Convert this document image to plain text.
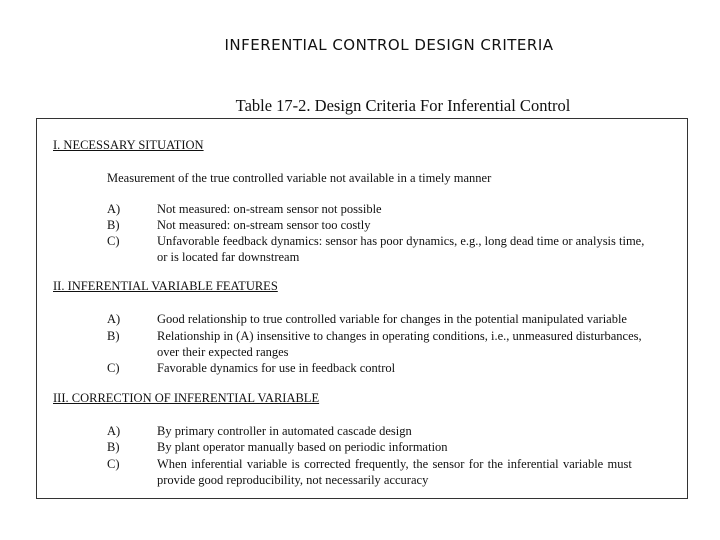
INFERENTIAL CONTROL DESIGN CRITERIA
Table 17-2. Design Criteria For Inferential Control
I. NECESSARY SITUATION
Measurement of the true controlled variable not available in a timely manner
A)	Not measured: on-stream sensor not possible
B)	Not measured: on-stream sensor too costly
C)	Unfavorable feedback dynamics: sensor has poor dynamics, e.g., long dead time or analysis time,
or is located far downstream
II. INFERENTIAL VARIABLE FEATURES
A)	Good relationship to true controlled variable for changes in the potential manipulated variable
B)	Relationship in (A) insensitive to changes in operating conditions, i.e., unmeasured disturbances,
over their expected ranges
C)	Favorable dynamics for use in feedback control
III. CORRECTION OF INFERENTIAL VARIABLE
A)	By primary controller in automated cascade design
B)	By plant operator manually based on periodic information
C)	When inferential variable is corrected frequently, the sensor for the inferential variable must
provide good reproducibility, not necessarily accuracy
